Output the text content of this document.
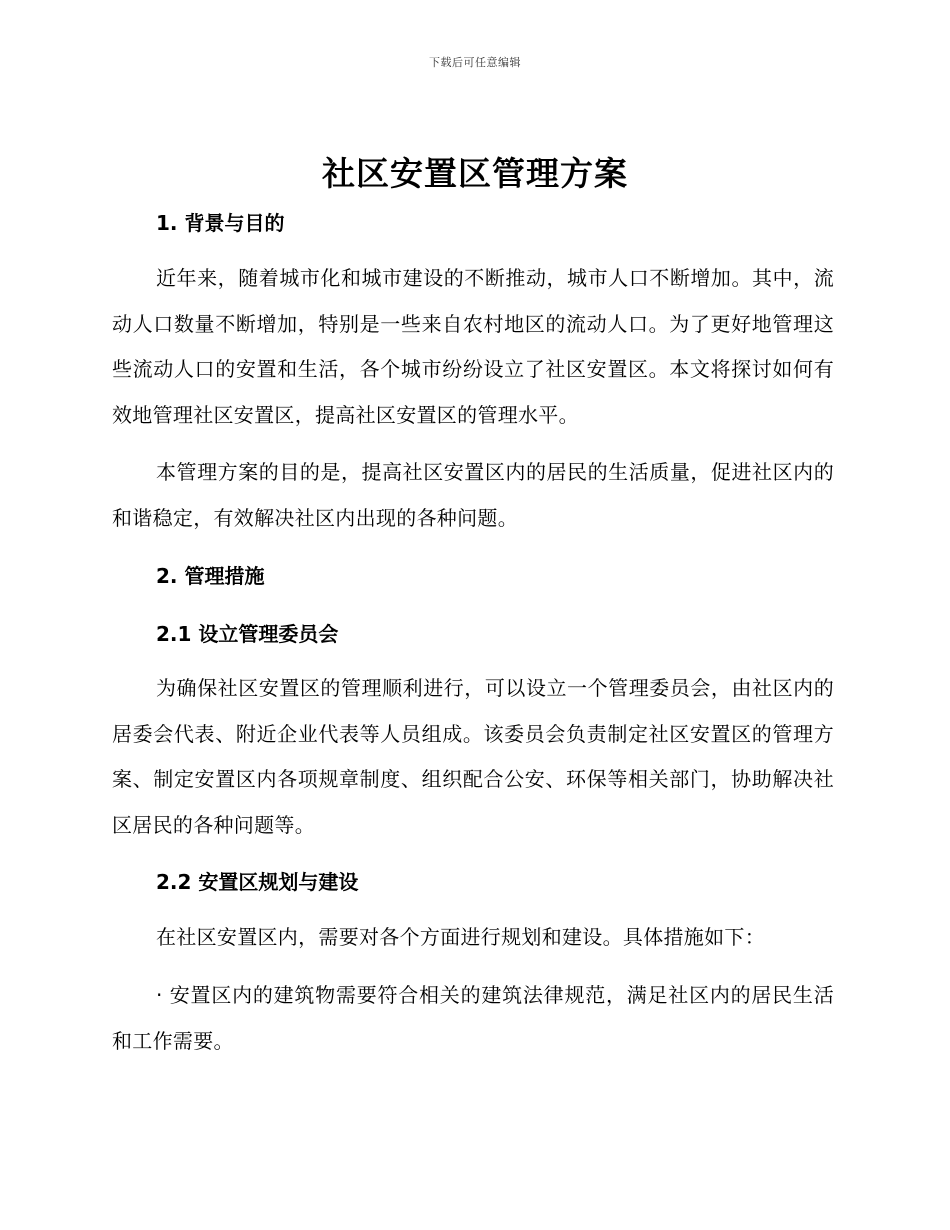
下载后可任意编辑
社区安置区管理方案
1. 背景与目的

近年来，随着城市化和城市建设的不断推动，城市人口不断增加。其中，流动人口数量不断增加，特别是一些来自农村地区的流动人口。为了更好地管理这些流动人口的安置和生活，各个城市纷纷设立了社区安置区。本文将探讨如何有效地管理社区安置区，提高社区安置区的管理水平。

本管理方案的目的是，提高社区安置区内的居民的生活质量，促进社区内的和谐稳定，有效解决社区内出现的各种问题。

2. 管理措施
2.1 设立管理委员会

为确保社区安置区的管理顺利进行，可以设立一个管理委员会，由社区内的居委会代表、附近企业代表等人员组成。该委员会负责制定社区安置区的管理方案、制定安置区内各项规章制度、组织配合公安、环保等相关部门，协助解决社区居民的各种问题等。

2.2 安置区规划与建设

在社区安置区内，需要对各个方面进行规划和建设。具体措施如下：

· 安置区内的建筑物需要符合相关的建筑法律规范，满足社区内的居民生活和工作需要。
